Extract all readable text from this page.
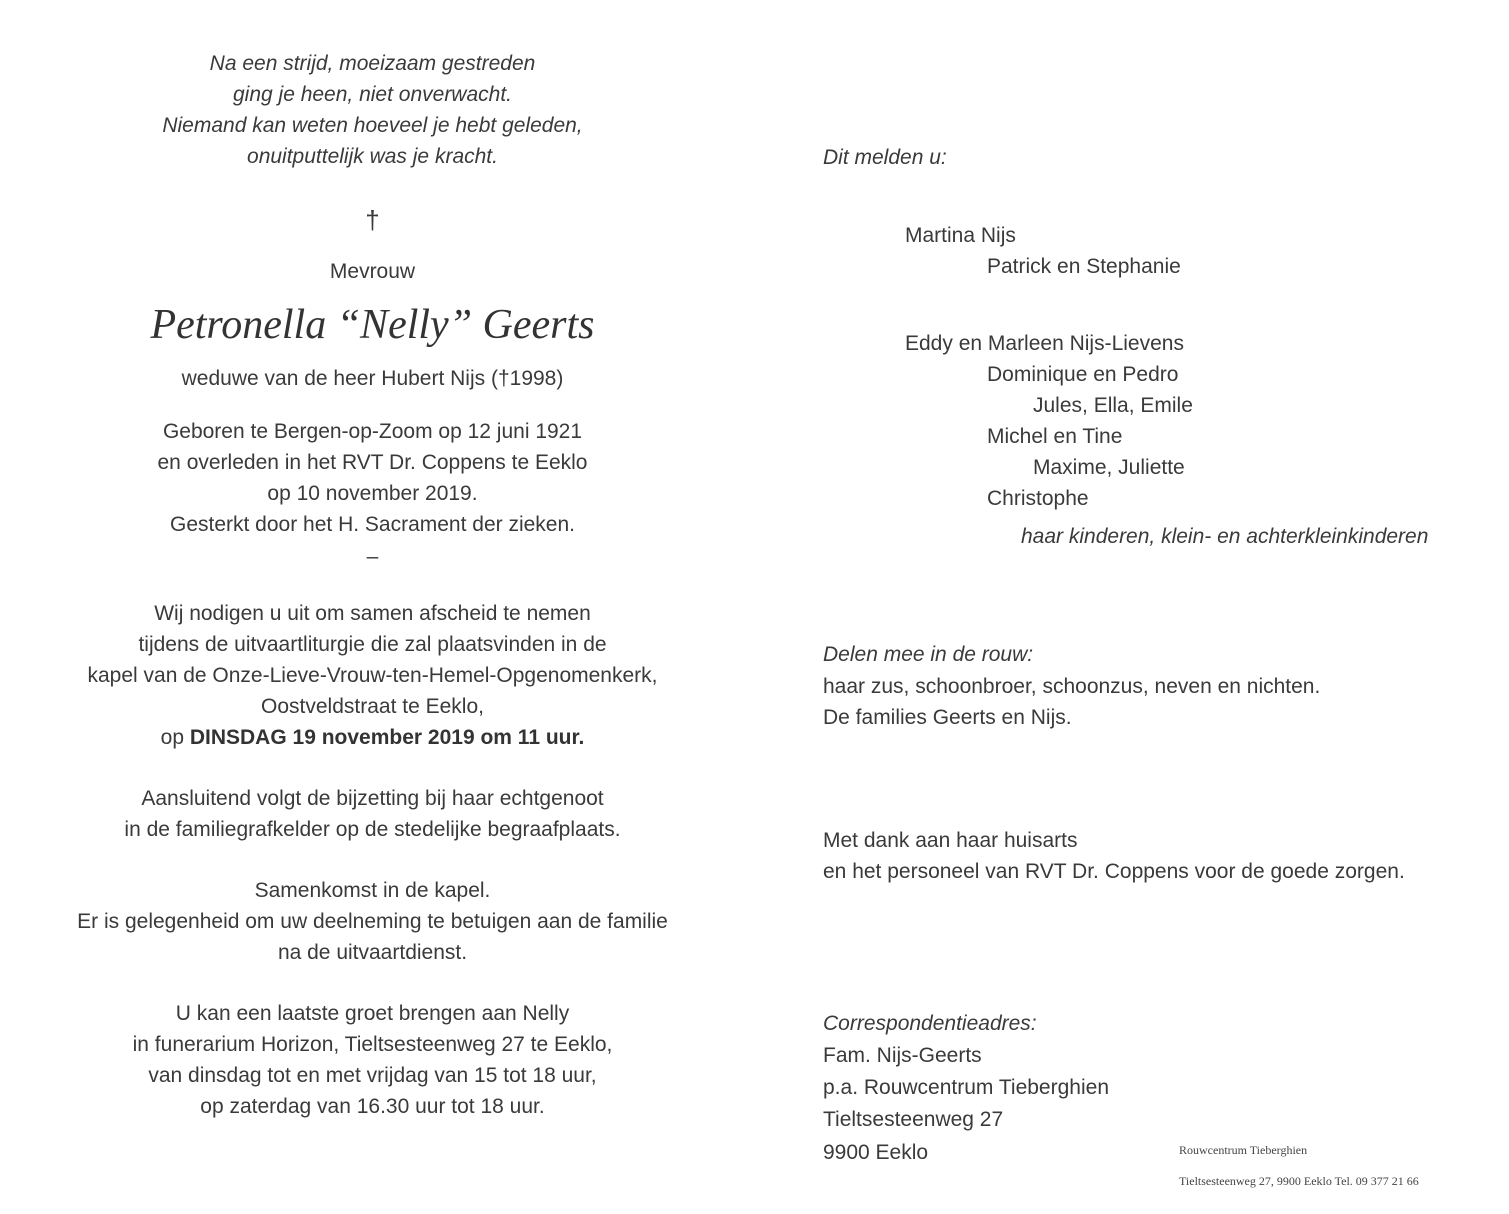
Na een strijd, moeizaam gestreden
ging je heen, niet onverwacht.
Niemand kan weten hoeveel je hebt geleden,
onuitputtelijk was je kracht.
†
Mevrouw
Petronella “Nelly” Geerts
weduwe van de heer Hubert Nijs (†1998)
Geboren te Bergen-op-Zoom op 12 juni 1921
en overleden in het RVT Dr. Coppens te Eeklo
op 10 november 2019.
Gesterkt door het H. Sacrament der zieken.
–
Wij nodigen u uit om samen afscheid te nemen
tijdens de uitvaartliturgie die zal plaatsvinden in de
kapel van de Onze-Lieve-Vrouw-ten-Hemel-Opgenomenkerk,
Oostveldstraat te Eeklo,
op DINSDAG 19 november 2019 om 11 uur.
Aansluitend volgt de bijzetting bij haar echtgenoot
in de familiegrafkelder op de stedelijke begraafplaats.
Samenkomst in de kapel.
Er is gelegenheid om uw deelneming te betuigen aan de familie
na de uitvaartdienst.
U kan een laatste groet brengen aan Nelly
in funerarium Horizon, Tieltsesteenweg 27 te Eeklo,
van dinsdag tot en met vrijdag van 15 tot 18 uur,
op zaterdag van 16.30 uur tot 18 uur.
Dit melden u:
Martina Nijs
Patrick en Stephanie
Eddy en Marleen Nijs-Lievens
Dominique en Pedro
Jules, Ella, Emile
Michel en Tine
Maxime, Juliette
Christophe
haar kinderen, klein- en achterkleinkinderen
Delen mee in de rouw:
haar zus, schoonbroer, schoonzus, neven en nichten.
De families Geerts en Nijs.
Met dank aan haar huisarts
en het personeel van RVT Dr. Coppens voor de goede zorgen.
Correspondentieadres:
Fam. Nijs-Geerts
p.a. Rouwcentrum Tieberghien
Tieltsesteenweg 27
9900 Eeklo	Rouwcentrum Tieberghien
Tieltsesteenweg 27, 9900 Eeklo Tel. 09 377 21 66
